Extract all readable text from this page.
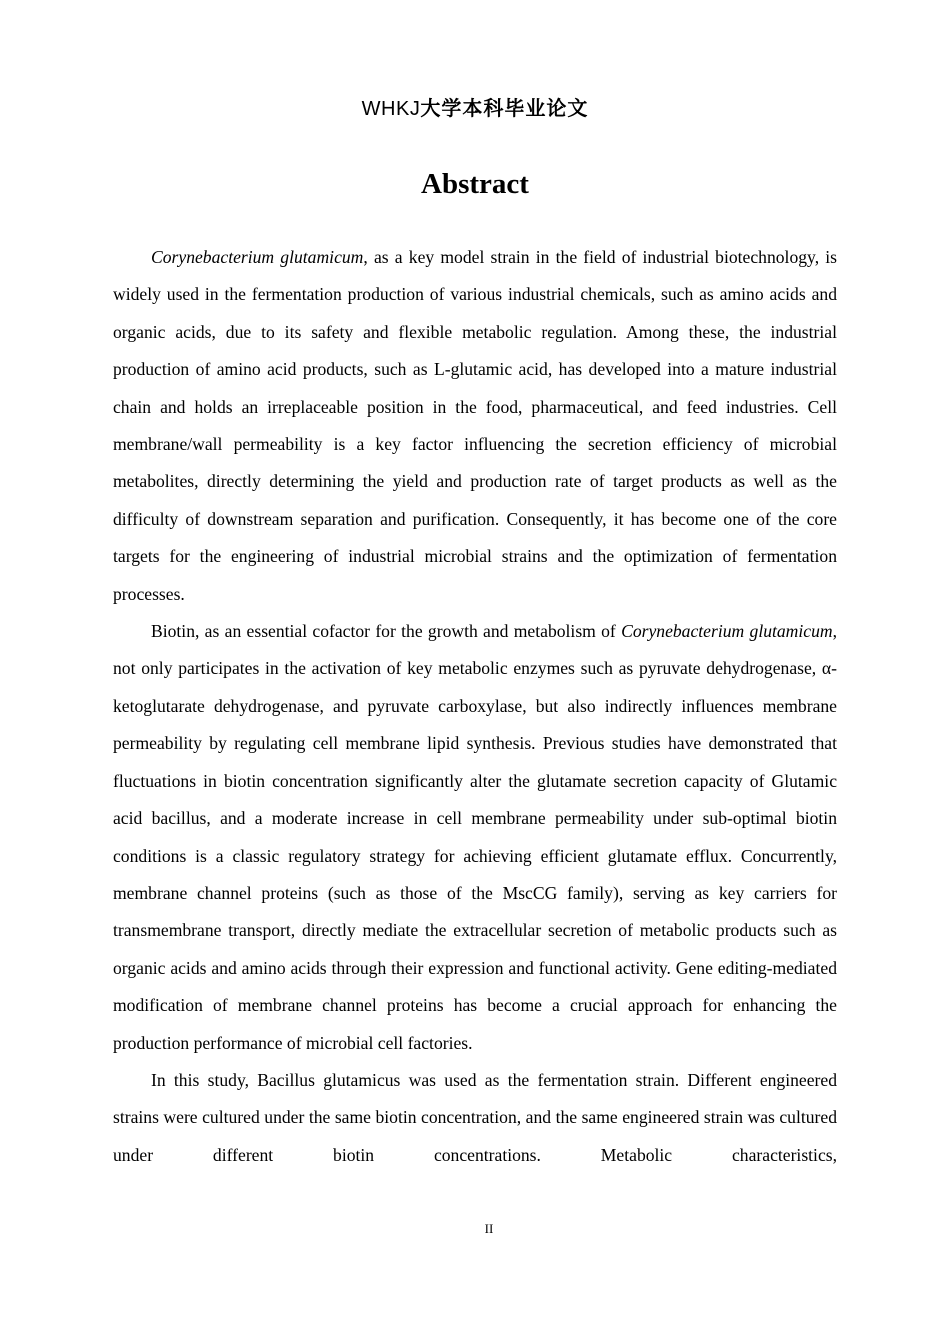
WHKJ大学本科毕业论文
Abstract

Corynebacterium glutamicum, as a key model strain in the field of industrial biotechnology, is widely used in the fermentation production of various industrial chemicals, such as amino acids and organic acids, due to its safety and flexible metabolic regulation. Among these, the industrial production of amino acid products, such as L-glutamic acid, has developed into a mature industrial chain and holds an irreplaceable position in the food, pharmaceutical, and feed industries. Cell membrane/wall permeability is a key factor influencing the secretion efficiency of microbial metabolites, directly determining the yield and production rate of target products as well as the difficulty of downstream separation and purification. Consequently, it has become one of the core targets for the engineering of industrial microbial strains and the optimization of fermentation processes.

Biotin, as an essential cofactor for the growth and metabolism of Corynebacterium glutamicum, not only participates in the activation of key metabolic enzymes such as pyruvate dehydrogenase, α-ketoglutarate dehydrogenase, and pyruvate carboxylase, but also indirectly influences membrane permeability by regulating cell membrane lipid synthesis. Previous studies have demonstrated that fluctuations in biotin concentration significantly alter the glutamate secretion capacity of Glutamic acid bacillus, and a moderate increase in cell membrane permeability under sub-optimal biotin conditions is a classic regulatory strategy for achieving efficient glutamate efflux. Concurrently, membrane channel proteins (such as those of the MscCG family), serving as key carriers for transmembrane transport, directly mediate the extracellular secretion of metabolic products such as organic acids and amino acids through their expression and functional activity. Gene editing-mediated modification of membrane channel proteins has become a crucial approach for enhancing the production performance of microbial cell factories.

In this study, Bacillus glutamicus was used as the fermentation strain. Different engineered strains were cultured under the same biotin concentration, and the same engineered strain was cultured under different biotin concentrations. Metabolic characteristics,

II
